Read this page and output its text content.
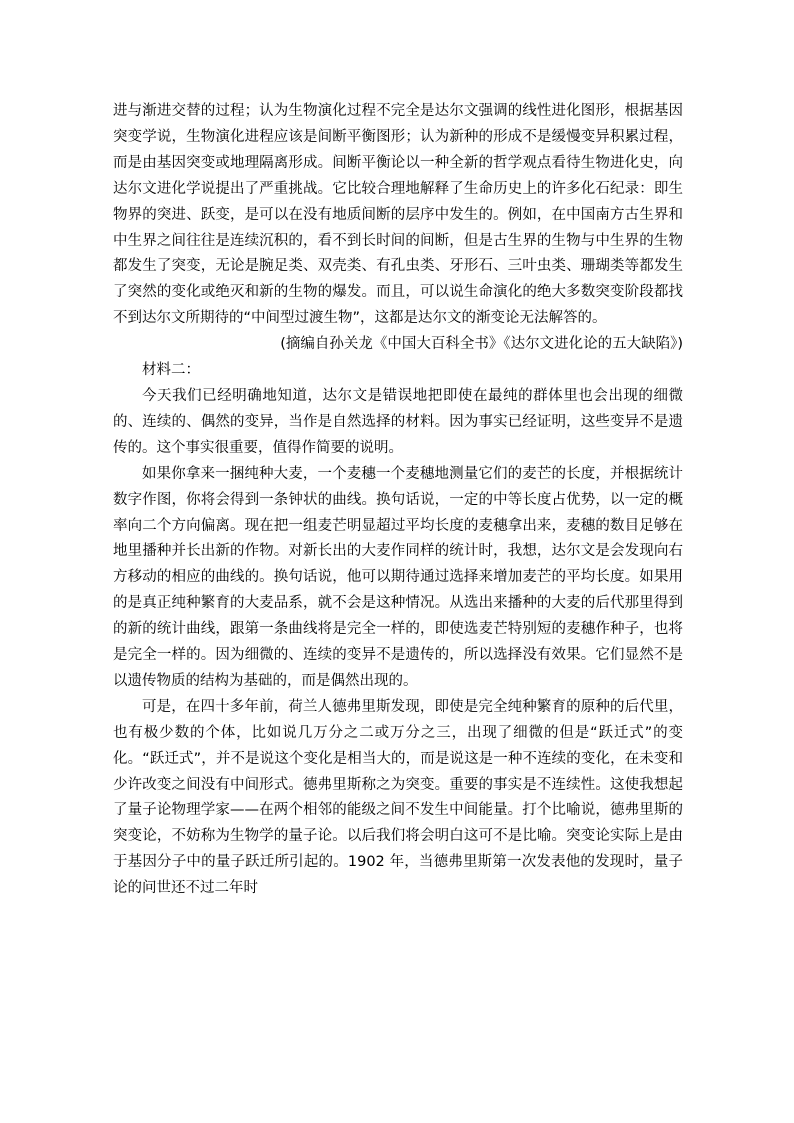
进与渐进交替的过程；认为生物演化过程不完全是达尔文强调的线性进化图形，根据基因突变学说，生物演化进程应该是间断平衡图形；认为新种的形成不是缓慢变异积累过程，而是由基因突变或地理隔离形成。间断平衡论以一种全新的哲学观点看待生物进化史，向达尔文进化学说提出了严重挑战。它比较合理地解释了生命历史上的许多化石纪录：即生物界的突进、跃变，是可以在没有地质间断的层序中发生的。例如，在中国南方古生界和中生界之间往往是连续沉积的，看不到长时间的间断，但是古生界的生物与中生界的生物都发生了突变，无论是腕足类、双壳类、有孔虫类、牙形石、三叶虫类、珊瑚类等都发生了突然的变化或绝灭和新的生物的爆发。而且，可以说生命演化的绝大多数突变阶段都找不到达尔文所期待的“中间型过渡生物”，这都是达尔文的渐变论无法解答的。

(摘编自孙关龙《中国大百科全书》《达尔文进化论的五大缺陷》)

材料二：

今天我们已经明确地知道，达尔文是错误地把即使在最纯的群体里也会出现的细微的、连续的、偶然的变异，当作是自然选择的材料。因为事实已经证明，这些变异不是遗传的。这个事实很重要，值得作简要的说明。

如果你拿来一捆纯种大麦，一个麦穗一个麦穗地测量它们的麦芒的长度，并根据统计数字作图，你将会得到一条钟状的曲线。换句话说，一定的中等长度占优势，以一定的概率向二个方向偏离。现在把一组麦芒明显超过平均长度的麦穗拿出来，麦穗的数目足够在地里播种并长出新的作物。对新长出的大麦作同样的统计时，我想，达尔文是会发现向右方移动的相应的曲线的。换句话说，他可以期待通过选择来增加麦芒的平均长度。如果用的是真正纯种繁育的大麦品系，就不会是这种情况。从选出来播种的大麦的后代那里得到的新的统计曲线，跟第一条曲线将是完全一样的，即使选麦芒特别短的麦穗作种子，也将是完全一样的。因为细微的、连续的变异不是遗传的，所以选择没有效果。它们显然不是以遗传物质的结构为基础的，而是偶然出现的。

可是，在四十多年前，荷兰人德弗里斯发现，即使是完全纯种繁育的原种的后代里，也有极少数的个体，比如说几万分之二或万分之三，出现了细微的但是“跃迁式”的变化。“跃迁式”，并不是说这个变化是相当大的，而是说这是一种不连续的变化，在未变和少许改变之间没有中间形式。德弗里斯称之为突变。重要的事实是不连续性。这使我想起了量子论物理学家——在两个相邻的能级之间不发生中间能量。打个比喻说，德弗里斯的突变论，不妨称为生物学的量子论。以后我们将会明白这可不是比喻。突变论实际上是由于基因分子中的量子跃迁所引起的。1902 年，当德弗里斯第一次发表他的发现时，量子论的问世还不过二年时
